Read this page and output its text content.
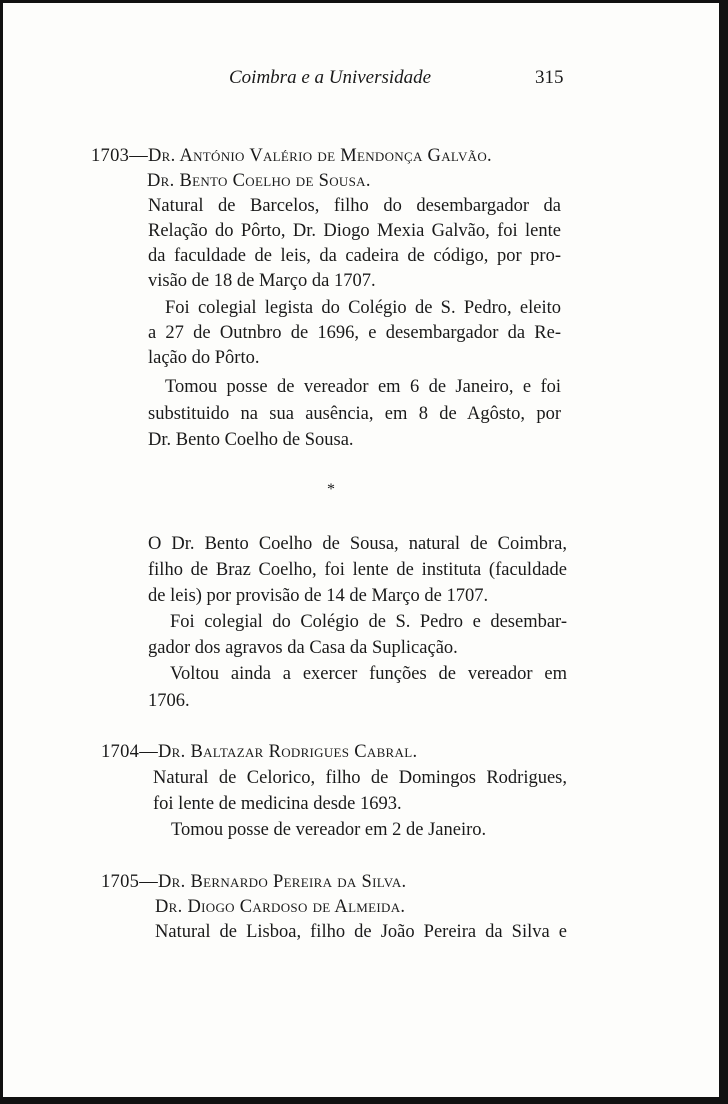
Coimbra e a Universidade	315
1703—Dr. António Valério de Mendonça Galvão.
Dr. Bento Coelho de Sousa.
Natural de Barcelos, filho do desembargador da
Relação do Pôrto, Dr. Diogo Mexia Galvão, foi lente
da faculdade de leis, da cadeira de código, por pro-
visão de 18 de Março da 1707.
Foi colegial legista do Colégio de S. Pedro, eleito
a 27 de Outnbro de 1696, e desembargador da Re-
lação do Pôrto.
Tomou posse de vereador em 6 de Janeiro, e foi
substituido na sua ausência, em 8 de Agôsto, por
Dr. Bento Coelho de Sousa.
*
O Dr. Bento Coelho de Sousa, natural de Coimbra,
filho de Braz Coelho, foi lente de instituta (faculdade
de leis) por provisão de 14 de Março de 1707.
Foi colegial do Colégio de S. Pedro e desembar-
gador dos agravos da Casa da Suplicação.
Voltou ainda a exercer funções de vereador em
1706.
1704—Dr. Baltazar Rodrigues Cabral.
Natural de Celorico, filho de Domingos Rodrigues,
foi lente de medicina desde 1693.
Tomou posse de vereador em 2 de Janeiro.
1705—Dr. Bernardo Pereira da Silva.
Dr. Diogo Cardoso de Almeida.
Natural de Lisboa, filho de João Pereira da Silva e
